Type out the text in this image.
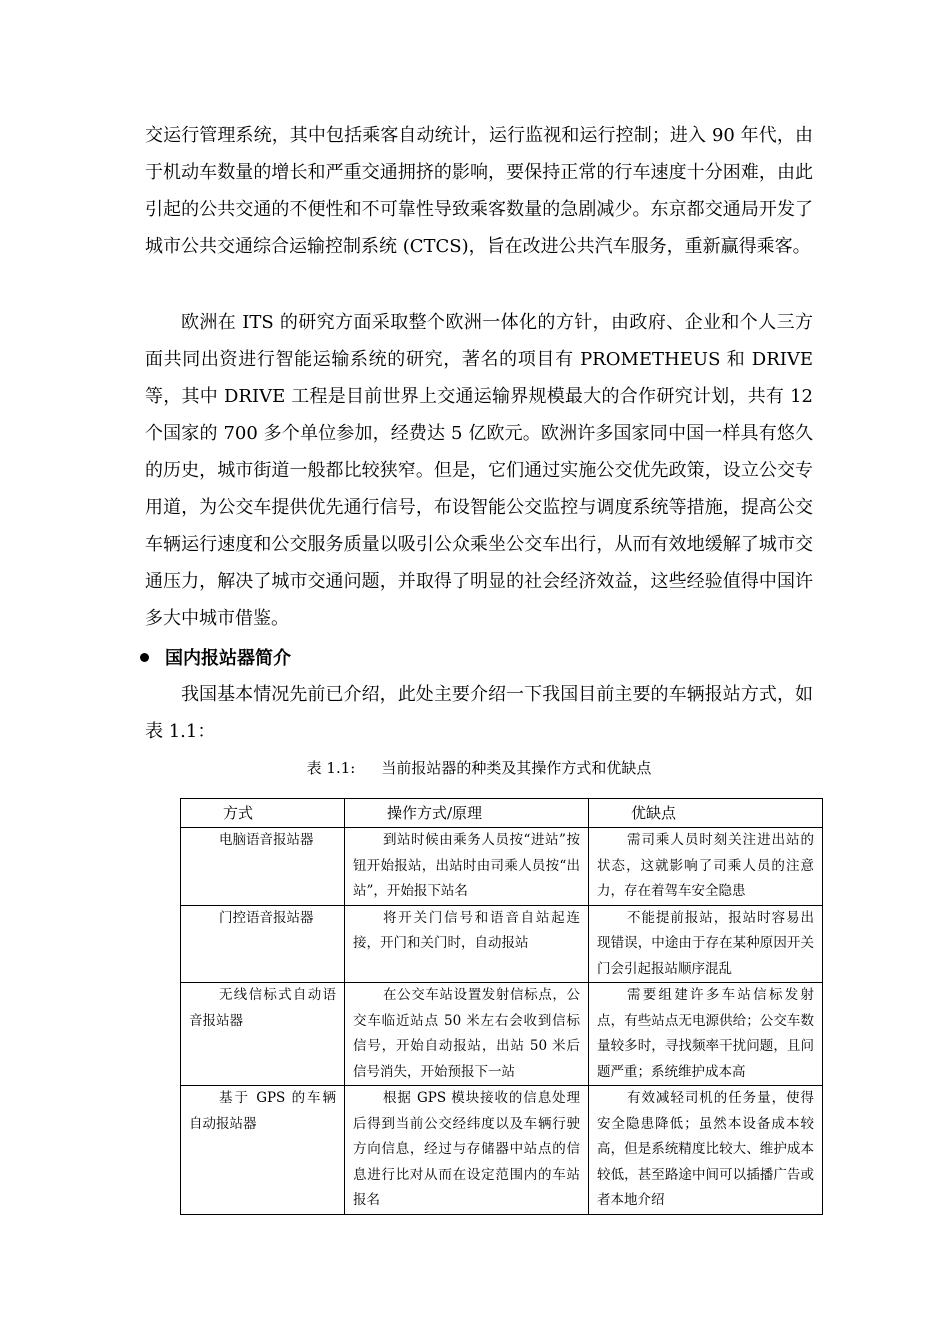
交运行管理系统，其中包括乘客自动统计，运行监视和运行控制；进入 90 年代，由于机动车数量的增长和严重交通拥挤的影响，要保持正常的行车速度十分困难，由此引起的公共交通的不便性和不可靠性导致乘客数量的急剧减少。东京都交通局开发了城市公共交通综合运输控制系统 (CTCS)，旨在改进公共汽车服务，重新赢得乘客。

欧洲在 ITS 的研究方面采取整个欧洲一体化的方针，由政府、企业和个人三方面共同出资进行智能运输系统的研究，著名的项目有 PROMETHEUS 和 DRIVE 等，其中 DRIVE 工程是目前世界上交通运输界规模最大的合作研究计划，共有 12 个国家的 700 多个单位参加，经费达 5 亿欧元。欧洲许多国家同中国一样具有悠久的历史，城市街道一般都比较狭窄。但是，它们通过实施公交优先政策，设立公交专用道，为公交车提供优先通行信号，布设智能公交监控与调度系统等措施，提高公交车辆运行速度和公交服务质量以吸引公众乘坐公交车出行，从而有效地缓解了城市交通压力，解决了城市交通问题，并取得了明显的社会经济效益，这些经验值得中国许多大中城市借鉴。

国内报站器简介

我国基本情况先前已介绍，此处主要介绍一下我国目前主要的车辆报站方式，如表 1.1：

表 1.1: 当前报站器的种类及其操作方式和优缺点
方式	操作方式/原理	优缺点

电脑语音报站器	到站时候由乘务人员按“进站”按钮开始报站，出站时由司乘人员按“出站”，开始报下站名	需司乘人员时刻关注进出站的状态，这就影响了司乘人员的注意力，存在着驾车安全隐患

门控语音报站器	将开关门信号和语音自站起连接，开门和关门时，自动报站	不能提前报站，报站时容易出现错误，中途由于存在某种原因开关门会引起报站顺序混乱

无线信标式自动语音报站器	在公交车站设置发射信标点，公交车临近站点 50 米左右会收到信标信号，开始自动报站，出站 50 米后信号消失，开始预报下一站	需要组建许多车站信标发射点，有些站点无电源供给；公交车数量较多时，寻找频率干扰问题，且问题严重；系统维护成本高

基于 GPS 的车辆自动报站器	根据 GPS 模块接收的信息处理后得到当前公交经纬度以及车辆行驶方向信息，经过与存储器中站点的信息进行比对从而在设定范围内的车站报名	有效减轻司机的任务量，使得安全隐患降低；虽然本设备成本较高，但是系统精度比较大、维护成本较低，甚至路途中间可以插播广告或者本地介绍
